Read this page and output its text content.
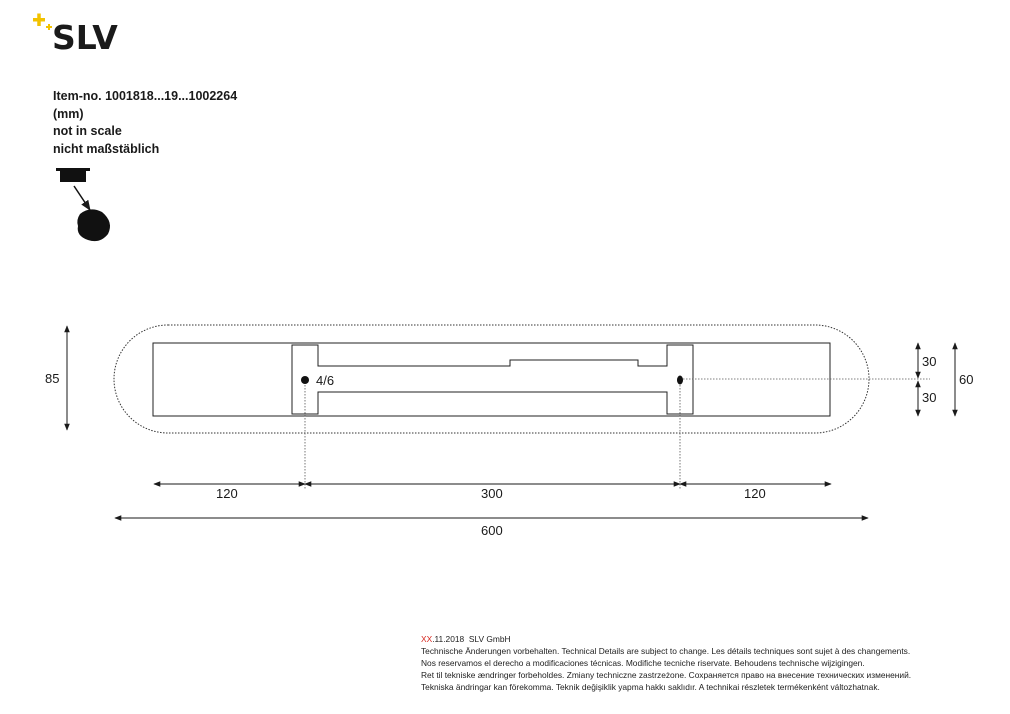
SLV
Item-no. 1001818...19...1002264
(mm)
not in scale
nicht maßstäblich
4/6
85
30
30
60
120	300	120
600
XX.11.2018 SLV GmbH
Technische Änderungen vorbehalten. Technical Details are subject to change. Les détails techniques sont sujet à des changements.
Nos reservamos el derecho a modificaciones técnicas. Modifiche tecniche riservate. Behoudens technische wijzigingen.
Ret til tekniske ændringer forbeholdes. Zmiany techniczne zastrzeżone. Сохраняется право на внесение технических изменений.
Tekniska ändringar kan förekomma. Teknik değişiklik yapma hakkı saklıdır. A technikai részletek termékenként változhatnak.
